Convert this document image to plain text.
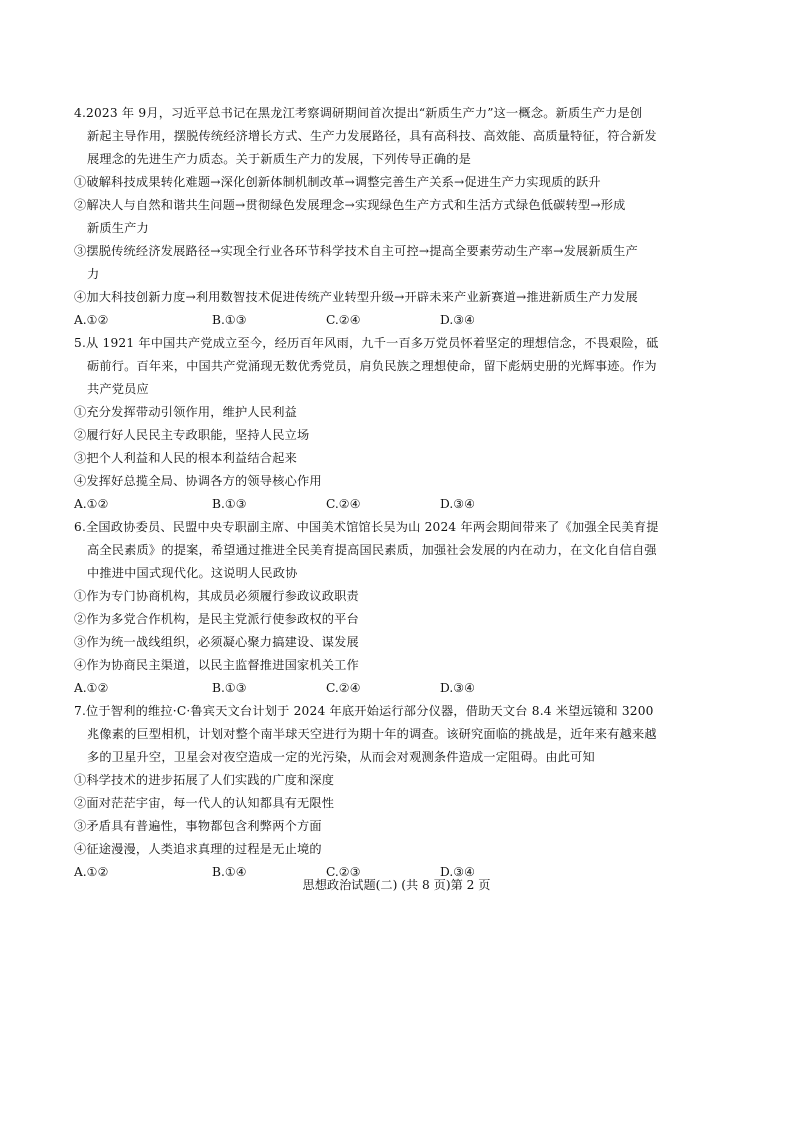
4.2023 年 9月，习近平总书记在黑龙江考察调研期间首次提出“新质生产力”这一概念。新质生产力是创
新起主导作用，摆脱传统经济增长方式、生产力发展路径，具有高科技、高效能、高质量特征，符合新发
展理念的先进生产力质态。关于新质生产力的发展，下列传导正确的是
①破解科技成果转化难题→深化创新体制机制改革→调整完善生产关系→促进生产力实现质的跃升
②解决人与自然和谐共生问题→贯彻绿色发展理念→实现绿色生产方式和生活方式绿色低碳转型→形成
新质生产力
③摆脱传统经济发展路径→实现全行业各环节科学技术自主可控→提高全要素劳动生产率→发展新质生产
力
④加大科技创新力度→利用数智技术促进传统产业转型升级→开辟未来产业新赛道→推进新质生产力发展
A.①②	B.①③	C.②④	D.③④
5.从 1921 年中国共产党成立至今，经历百年风雨，九千一百多万党员怀着坚定的理想信念，不畏艰险，砥
砺前行。百年来，中国共产党涌现无数优秀党员，肩负民族之理想使命，留下彪炳史册的光辉事迹。作为
共产党员应
①充分发挥带动引领作用，维护人民利益
②履行好人民民主专政职能，坚持人民立场
③把个人利益和人民的根本利益结合起来
④发挥好总揽全局、协调各方的领导核心作用
A.①②	B.①③	C.②④	D.③④
6.全国政协委员、民盟中央专职副主席、中国美术馆馆长吴为山 2024 年两会期间带来了《加强全民美育提
高全民素质》的提案，希望通过推进全民美育提高国民素质，加强社会发展的内在动力，在文化自信自强
中推进中国式现代化。这说明人民政协
①作为专门协商机构，其成员必须履行参政议政职责
②作为多党合作机构，是民主党派行使参政权的平台
③作为统一战线组织，必须凝心聚力搞建设、谋发展
④作为协商民主渠道，以民主监督推进国家机关工作
A.①②	B.①③	C.②④	D.③④
7.位于智利的维拉·C·鲁宾天文台计划于 2024 年底开始运行部分仪器，借助天文台 8.4 米望远镜和 3200
兆像素的巨型相机，计划对整个南半球天空进行为期十年的调查。该研究面临的挑战是，近年来有越来越
多的卫星升空，卫星会对夜空造成一定的光污染，从而会对观测条件造成一定阻碍。由此可知
①科学技术的进步拓展了人们实践的广度和深度
②面对茫茫宇宙，每一代人的认知都具有无限性
③矛盾具有普遍性，事物都包含利弊两个方面
④征途漫漫，人类追求真理的过程是无止境的
A.①②	B.①④	C.②③	D.③④
思想政治试题(二) (共 8 页)第 2 页
